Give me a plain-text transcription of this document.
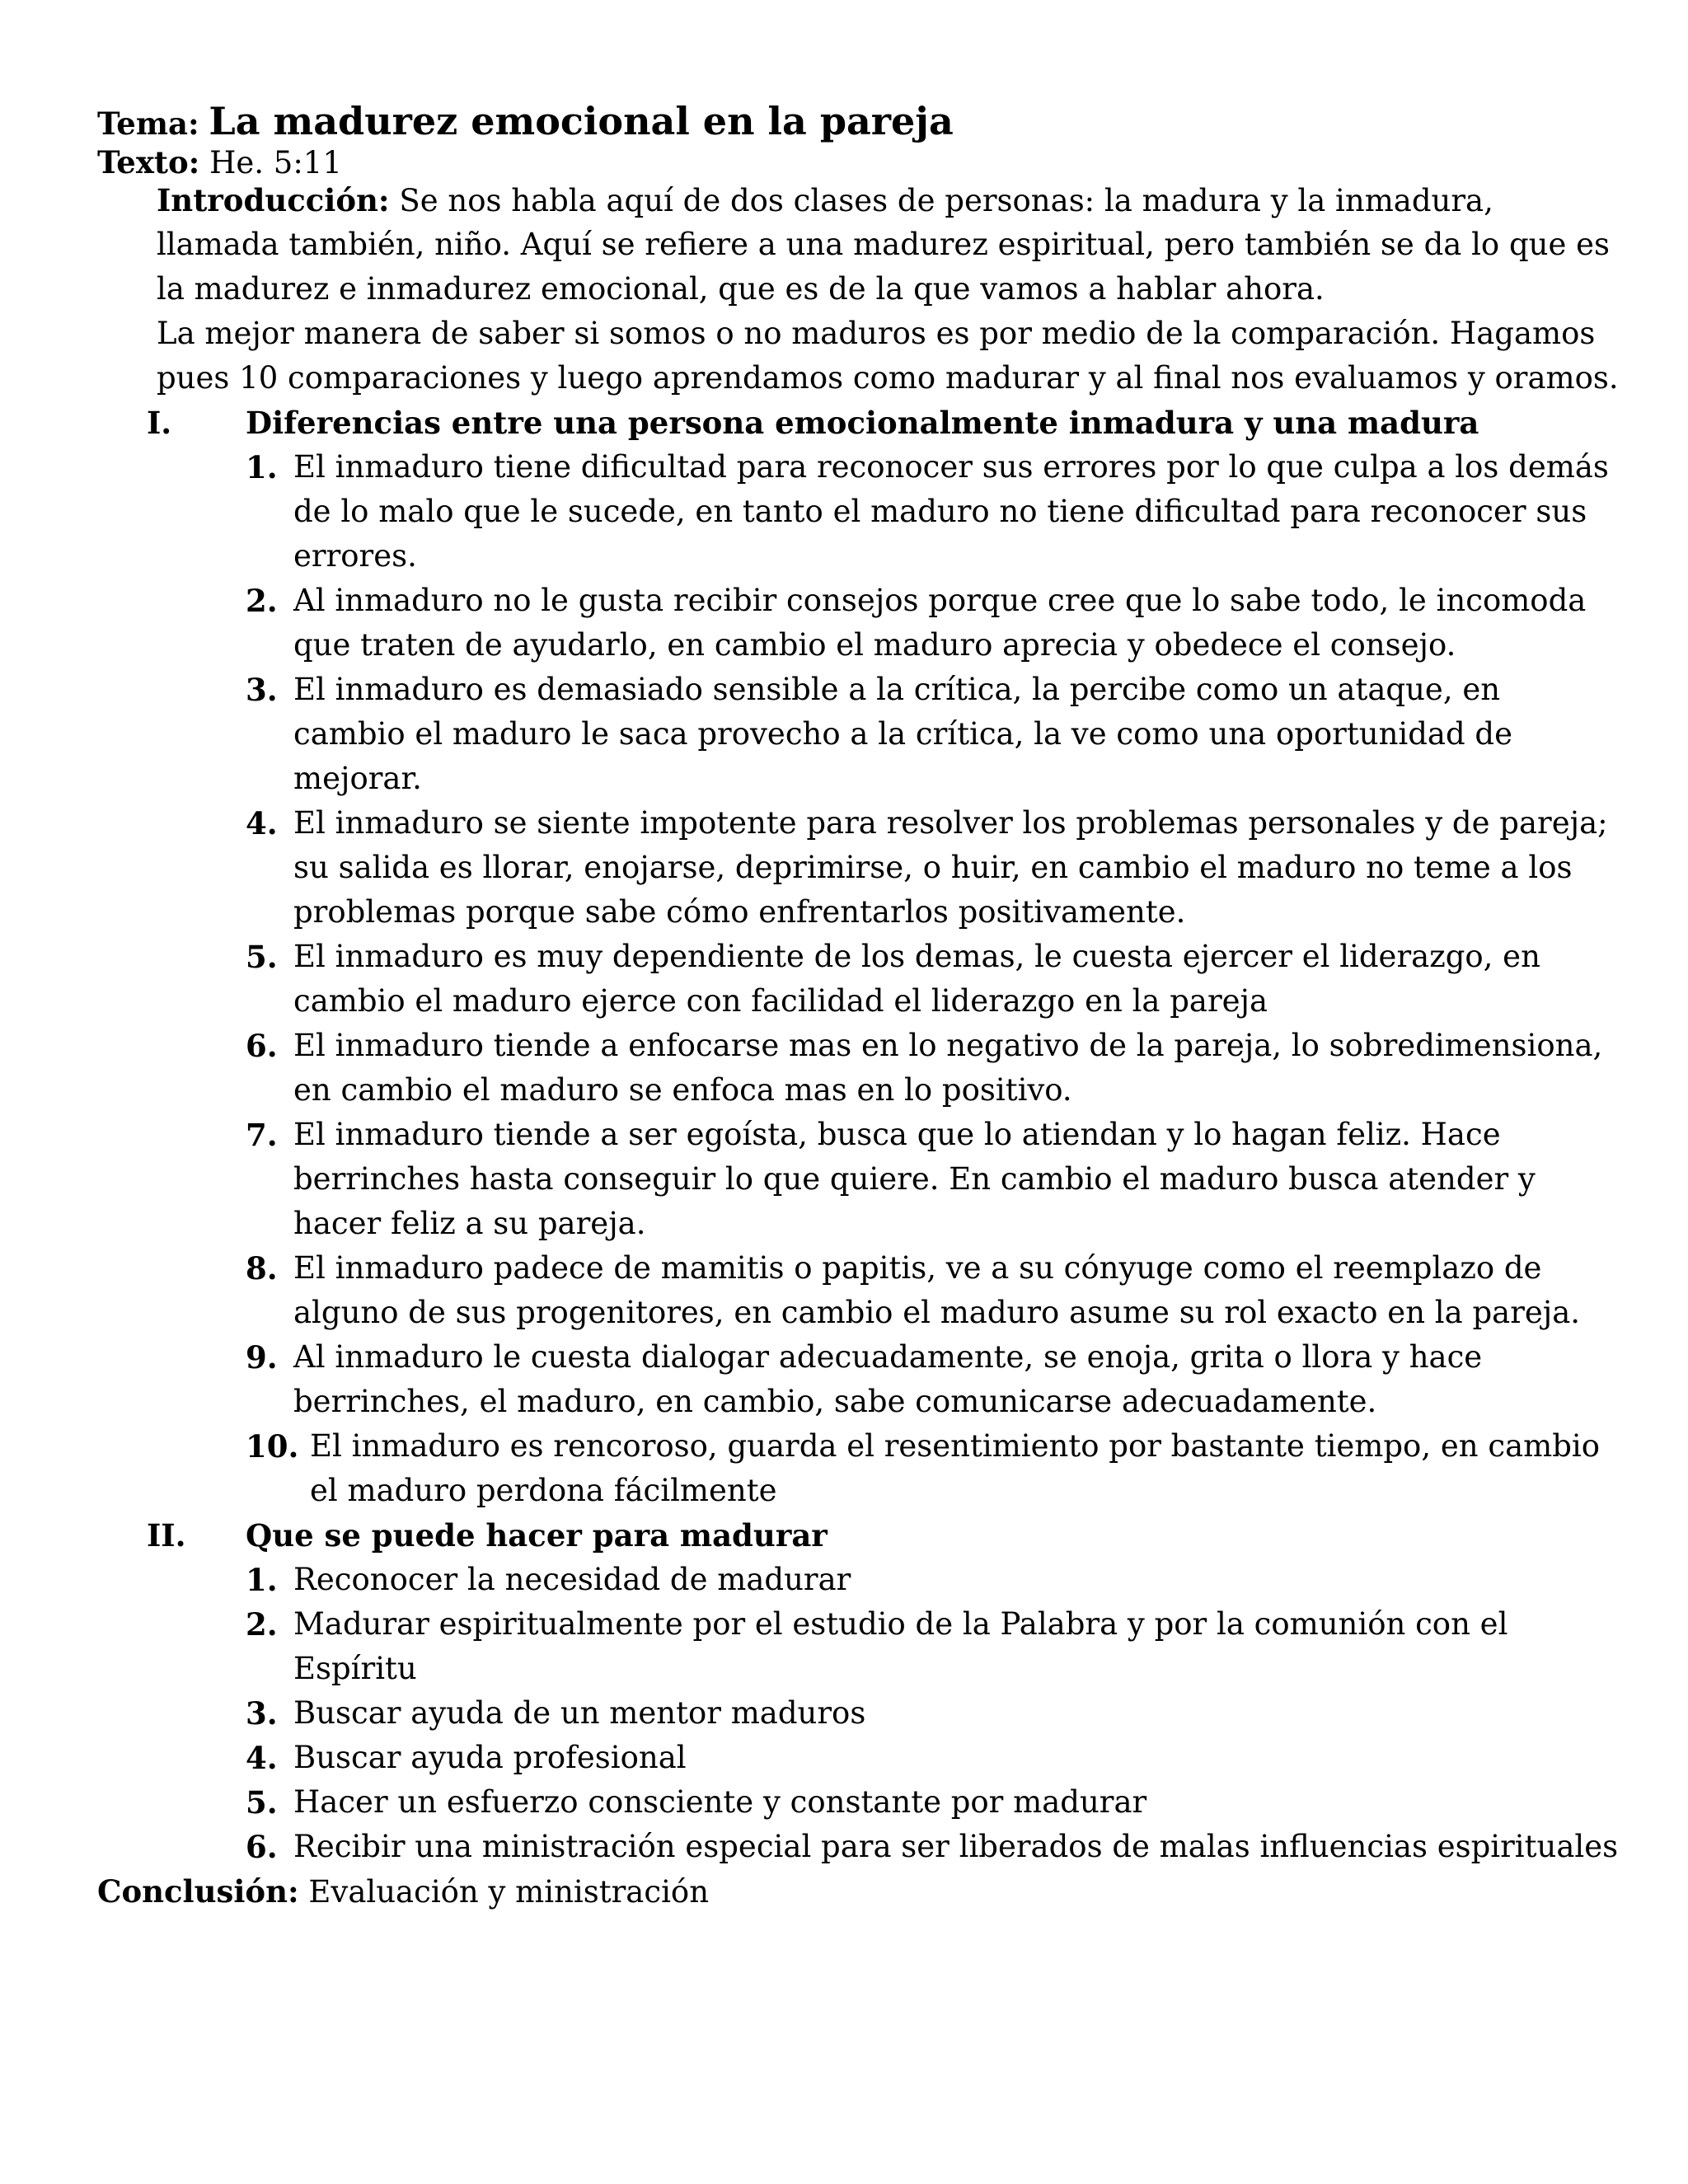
Tema: La madurez emocional en la pareja
Texto: He. 5:11
Introducción: Se nos habla aquí de dos clases de personas: la madura y la inmadura,
llamada también, niño. Aquí se refiere a una madurez espiritual, pero también se da lo que es
la madurez e inmadurez emocional, que es de la que vamos a hablar ahora.
La mejor manera de saber si somos o no maduros es por medio de la comparación. Hagamos
pues 10 comparaciones y luego aprendamos como madurar y al final nos evaluamos y oramos.
I. Diferencias entre una persona emocionalmente inmadura y una madura
1. El inmaduro tiene dificultad para reconocer sus errores por lo que culpa a los demás
de lo malo que le sucede, en tanto el maduro no tiene dificultad para reconocer sus
errores.
2. Al inmaduro no le gusta recibir consejos porque cree que lo sabe todo, le incomoda
que traten de ayudarlo, en cambio el maduro aprecia y obedece el consejo.
3. El inmaduro es demasiado sensible a la crítica, la percibe como un ataque, en
cambio el maduro le saca provecho a la crítica, la ve como una oportunidad de
mejorar.
4. El inmaduro se siente impotente para resolver los problemas personales y de pareja;
su salida es llorar, enojarse, deprimirse, o huir, en cambio el maduro no teme a los
problemas porque sabe cómo enfrentarlos positivamente.
5. El inmaduro es muy dependiente de los demas, le cuesta ejercer el liderazgo, en
cambio el maduro ejerce con facilidad el liderazgo en la pareja
6. El inmaduro tiende a enfocarse mas en lo negativo de la pareja, lo sobredimensiona,
en cambio el maduro se enfoca mas en lo positivo.
7. El inmaduro tiende a ser egoísta, busca que lo atiendan y lo hagan feliz. Hace
berrinches hasta conseguir lo que quiere. En cambio el maduro busca atender y
hacer feliz a su pareja.
8. El inmaduro padece de mamitis o papitis, ve a su cónyuge como el reemplazo de
alguno de sus progenitores, en cambio el maduro asume su rol exacto en la pareja.
9. Al inmaduro le cuesta dialogar adecuadamente, se enoja, grita o llora y hace
berrinches, el maduro, en cambio, sabe comunicarse adecuadamente.
10. El inmaduro es rencoroso, guarda el resentimiento por bastante tiempo, en cambio
el maduro perdona fácilmente
II. Que se puede hacer para madurar
1. Reconocer la necesidad de madurar
2. Madurar espiritualmente por el estudio de la Palabra y por la comunión con el
Espíritu
3. Buscar ayuda de un mentor maduros
4. Buscar ayuda profesional
5. Hacer un esfuerzo consciente y constante por madurar
6. Recibir una ministración especial para ser liberados de malas influencias espirituales
Conclusión: Evaluación y ministración
